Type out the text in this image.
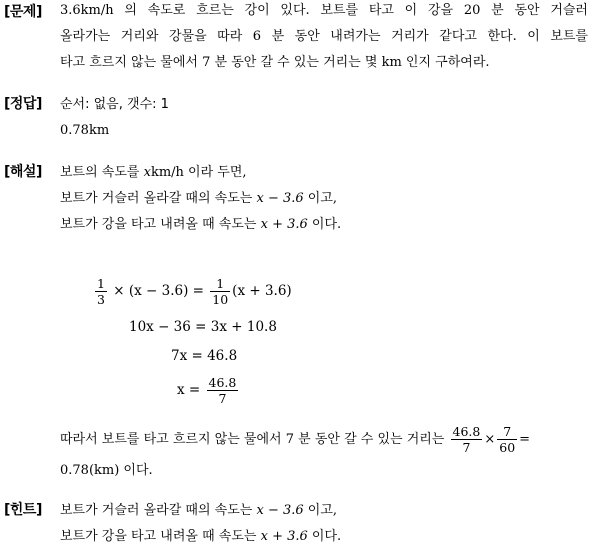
[문제] 3.6km/h 의 속도로 흐르는 강이 있다. 보트를 타고 이 강을 20 분 동안 거슬러
올라가는 거리와 강물을 따라 6 분 동안 내려가는 거리가 같다고 한다. 이 보트를
타고 흐르지 않는 물에서 7 분 동안 갈 수 있는 거리는 몇 km 인지 구하여라.
[정답] 순서: 없음, 갯수: 1
0.78km
[해설] 보트의 속도를 xkm/h 이라 두면,
보트가 거슬러 올라갈 때의 속도는 x − 3.6 이고,
보트가 강을 타고 내려올 때 속도는 x + 3.6 이다.
$\frac{1}{3} \times (x - 3.6) = \frac{1}{10} (x + 3.6)$
10x − 36 = 3x + 10.8
7x = 46.8
$x = \frac{46.8}{7}$
따라서 보트를 타고 흐르지 않는 물에서 7 분 동안 갈 수 있는 거리는 $\frac{46.8}{7} \times \frac{7}{60}$ =
0.78(km) 이다.
[힌트] 보트가 거슬러 올라갈 때의 속도는 x − 3.6 이고,
보트가 강을 타고 내려올 때 속도는 x + 3.6 이다.
